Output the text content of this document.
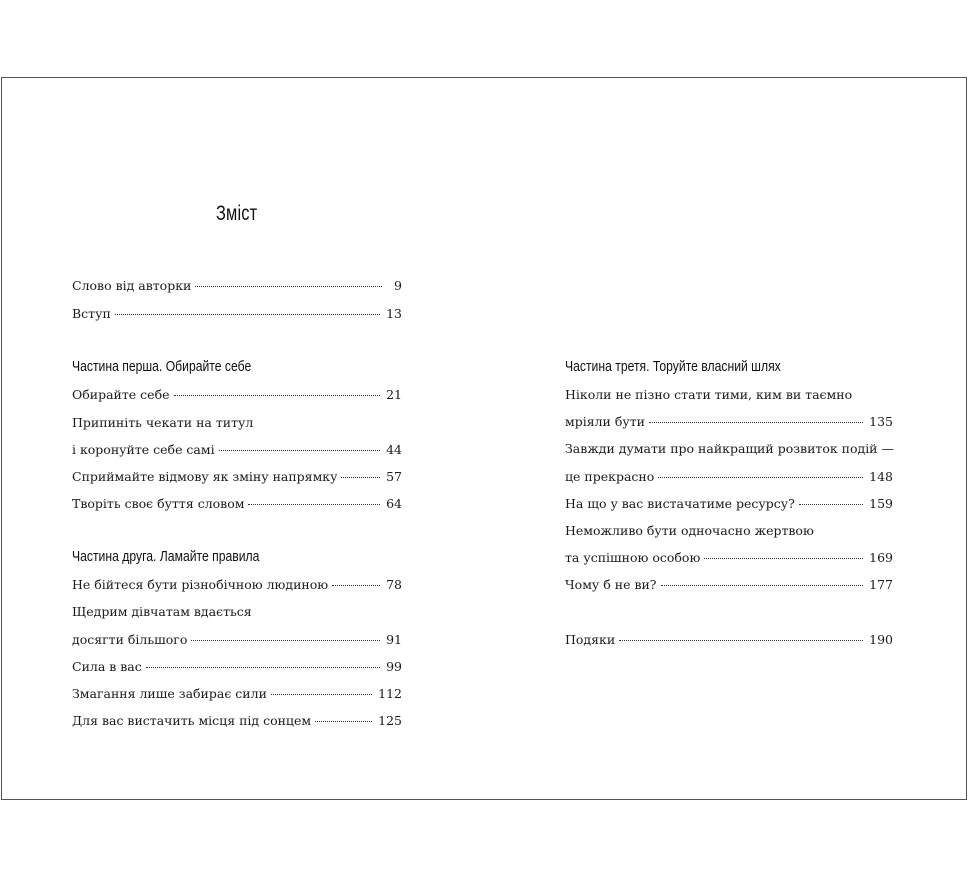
Зміст
Слово від авторки	9
Вступ	13
Частина перша. Обирайте себе
Обирайте себе	21
Припиніть чекати на титул
і коронуйте себе самі	44
Сприймайте відмову як зміну напрямку	57
Творіть своє буття словом	64
Частина друга. Ламайте правила
Не бійтеся бути різнобічною людиною	78
Щедрим дівчатам вдається
досягти більшого	91
Сила в вас	99
Змагання лише забирає сили	112
Для вас вистачить місця під сонцем	125
Частина третя. Торуйте власний шлях
Ніколи не пізно стати тими, ким ви таємно
мріяли бути	135
Завжди думати про найкращий розвиток подій —
це прекрасно	148
На що у вас вистачатиме ресурсу?	159
Неможливо бути одночасно жертвою
та успішною особою	169
Чому б не ви?	177
Подяки	190
